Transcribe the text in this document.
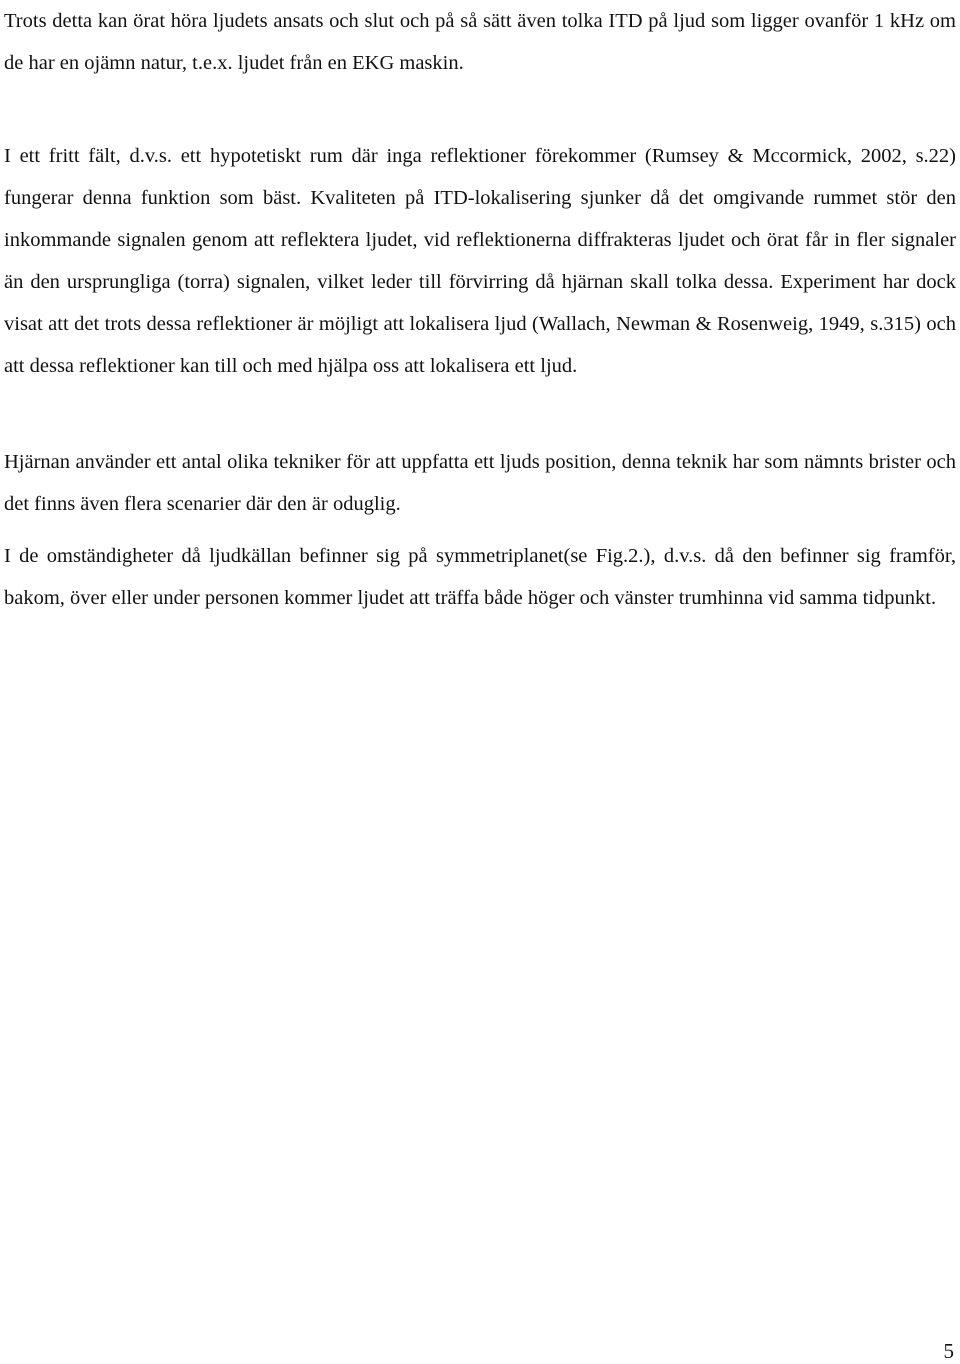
Trots detta kan örat höra ljudets ansats och slut och på så sätt även tolka ITD på ljud som ligger ovanför 1 kHz om de har en ojämn natur, t.e.x. ljudet från en EKG maskin.

I ett fritt fält, d.v.s. ett hypotetiskt rum där inga reflektioner förekommer (Rumsey & Mccormick, 2002, s.22) fungerar denna funktion som bäst. Kvaliteten på ITD-lokalisering sjunker då det omgivande rummet stör den inkommande signalen genom att reflektera ljudet, vid reflektionerna diffrakteras ljudet och örat får in fler signaler än den ursprungliga (torra) signalen, vilket leder till förvirring då hjärnan skall tolka dessa. Experiment har dock visat att det trots dessa reflektioner är möjligt att lokalisera ljud (Wallach, Newman & Rosenweig, 1949, s.315) och att dessa reflektioner kan till och med hjälpa oss att lokalisera ett ljud.

Hjärnan använder ett antal olika tekniker för att uppfatta ett ljuds position, denna teknik har som nämnts brister och det finns även flera scenarier där den är oduglig.

I de omständigheter då ljudkällan befinner sig på symmetriplanet(se Fig.2.), d.v.s. då den befinner sig framför, bakom, över eller under personen kommer ljudet att träffa både höger och vänster trumhinna vid samma tidpunkt.

5
